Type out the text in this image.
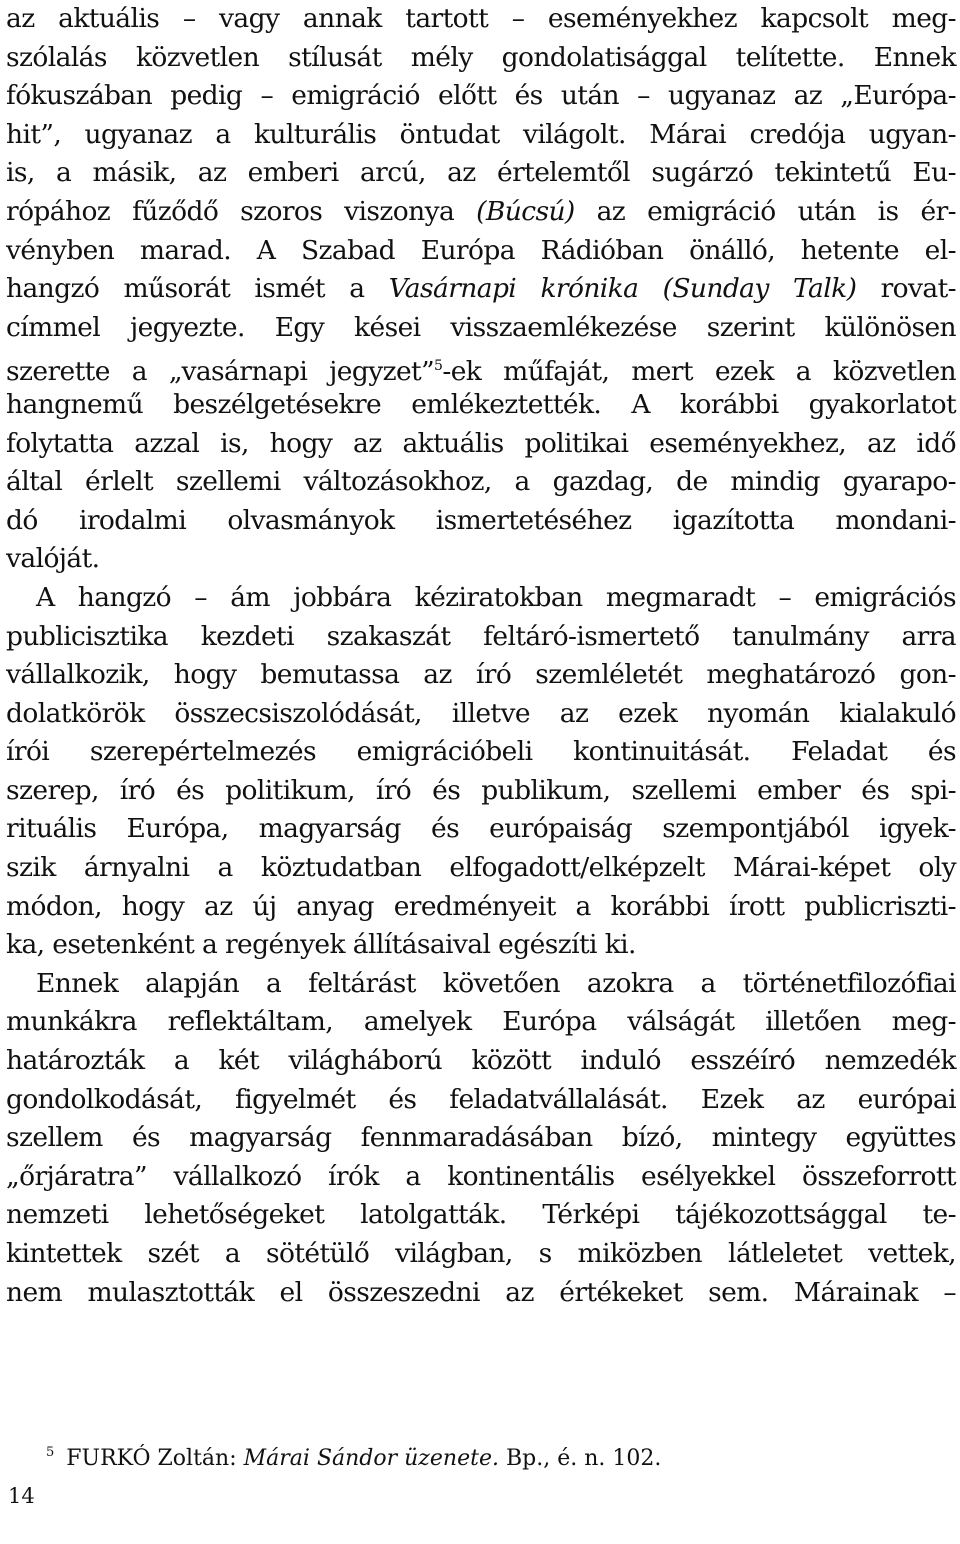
az aktuális – vagy annak tartott – eseményekhez kapcsolt meg-
szólalás közvetlen stílusát mély gondolatisággal telítette. Ennek
fókuszában pedig – emigráció előtt és után – ugyanaz az „Európa-
hit”, ugyanaz a kulturális öntudat világolt. Márai credója ugyan-
is, a másik, az emberi arcú, az értelemtől sugárzó tekintetű Eu-
rópához fűződő szoros viszonya (Búcsú) az emigráció után is ér-
vényben marad. A Szabad Európa Rádióban önálló, hetente el-
hangzó műsorát ismét a Vasárnapi krónika (Sunday Talk) rovat-
címmel jegyezte. Egy kései visszaemlékezése szerint különösen
szerette a „vasárnapi jegyzet”$^5$-ek műfaját, mert ezek a közvetlen
hangnemű beszélgetésekre emlékeztették. A korábbi gyakorlatot
folytatta azzal is, hogy az aktuális politikai eseményekhez, az idő
által érlelt szellemi változásokhoz, a gazdag, de mindig gyarapo-
dó irodalmi olvasmányok ismertetéséhez igazította mondani-
valóját.
A hangzó – ám jobbára kéziratokban megmaradt – emigrációs
publicisztika kezdeti szakaszát feltáró-ismertető tanulmány arra
vállalkozik, hogy bemutassa az író szemléletét meghatározó gon-
dolatkörök összecsiszolódását, illetve az ezek nyomán kialakuló
írói szerepértelmezés emigrációbeli kontinuitását. Feladat és
szerep, író és politikum, író és publikum, szellemi ember és spi-
rituális Európa, magyarság és európaiság szempontjából igyek-
szik árnyalni a köztudatban elfogadott/elképzelt Márai-képet oly
módon, hogy az új anyag eredményeit a korábbi írott publicriszti-
ka, esetenként a regények állításaival egészíti ki.
Ennek alapján a feltárást követően azokra a történetfilozófiai
munkákra reflektáltam, amelyek Európa válságát illetően meg-
határozták a két világháború között induló esszéíró nemzedék
gondolkodását, figyelmét és feladatvállalását. Ezek az európai
szellem és magyarság fennmaradásában bízó, mintegy együttes
„őrjáratra” vállalkozó írók a kontinentális esélyekkel összeforrott
nemzeti lehetőségeket latolgatták. Térképi tájékozottsággal te-
kintettek szét a sötétülő világban, s miközben látleletet vettek,
nem mulasztották el összeszedni az értékeket sem. Márainak –
$^5$ FURKÓ Zoltán: Márai Sándor üzenete. Bp., é. n. 102.
14
